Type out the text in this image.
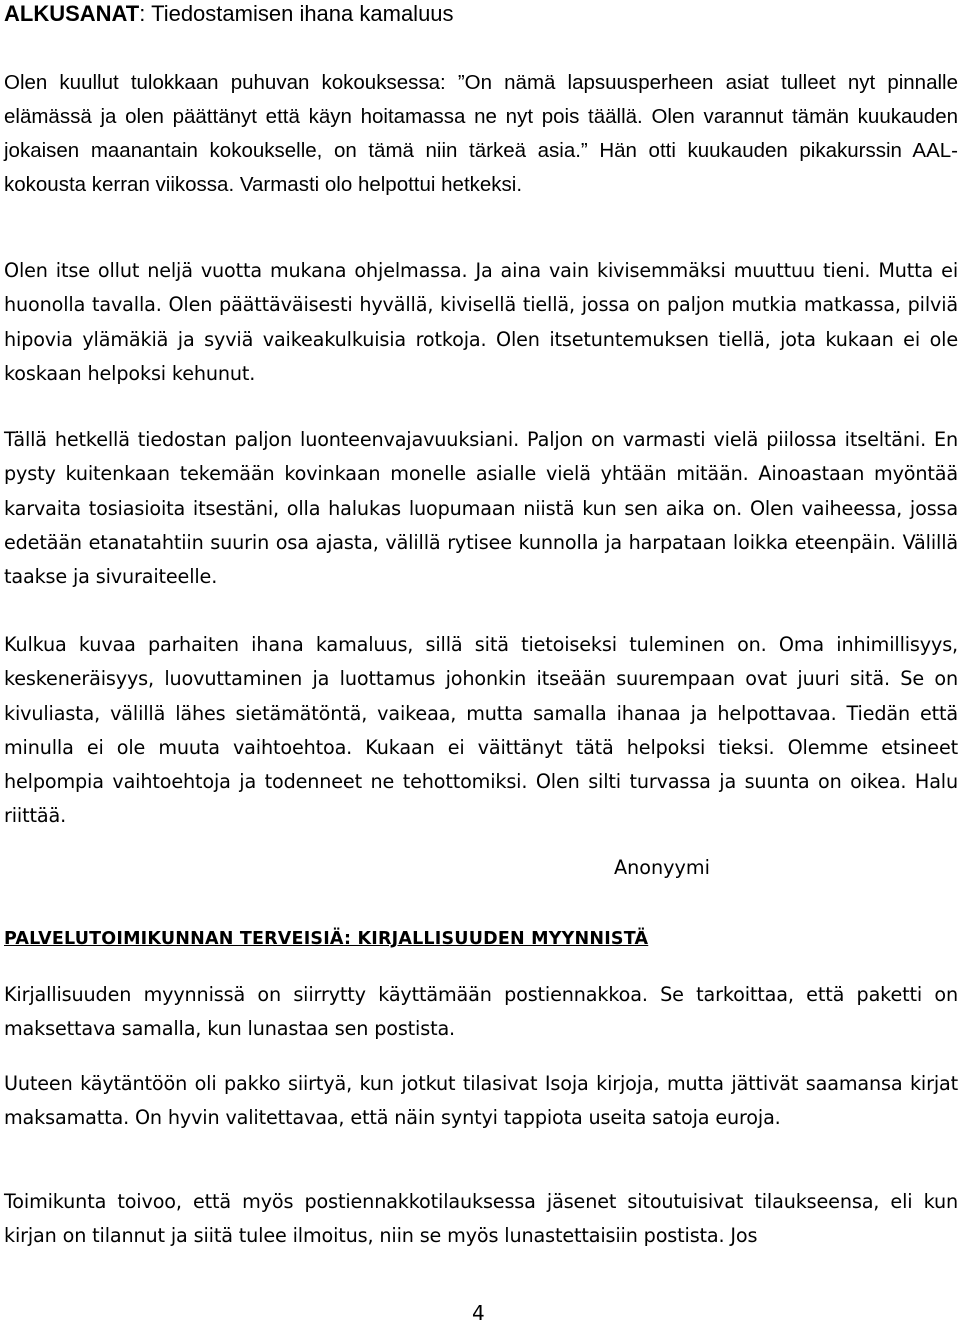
ALKUSANAT: Tiedostamisen ihana kamaluus

Olen kuullut tulokkaan puhuvan kokouksessa: ”On nämä lapsuusperheen asiat tulleet nyt pinnalle elämässä ja olen päättänyt että käyn hoitamassa ne nyt pois täällä. Olen varannut tämän kuukauden jokaisen maanantain kokoukselle, on tämä niin tärkeä asia.” Hän otti kuukauden pikakurssin AAL-kokousta kerran viikossa. Varmasti olo helpottui hetkeksi.

Olen itse ollut neljä vuotta mukana ohjelmassa. Ja aina vain kivisemmäksi muuttuu tieni. Mutta ei huonolla tavalla. Olen päättäväisesti hyvällä, kivisellä tiellä, jossa on paljon mutkia matkassa, pilviä hipovia ylämäkiä ja syviä vaikeakulkuisia rotkoja. Olen itsetuntemuksen tiellä, jota kukaan ei ole koskaan helpoksi kehunut.

Tällä hetkellä tiedostan paljon luonteenvajavuuksiani. Paljon on varmasti vielä piilossa itseltäni. En pysty kuitenkaan tekemään kovinkaan monelle asialle vielä yhtään mitään. Ainoastaan myöntää karvaita tosiasioita itsestäni, olla halukas luopumaan niistä kun sen aika on. Olen vaiheessa, jossa edetään etanatahtiin suurin osa ajasta, välillä rytisee kunnolla ja harpataan loikka eteenpäin. Välillä taakse ja sivuraiteelle.

Kulkua kuvaa parhaiten ihana kamaluus, sillä sitä tietoiseksi tuleminen on. Oma inhimillisyys, keskeneräisyys, luovuttaminen ja luottamus johonkin itseään suurempaan ovat juuri sitä. Se on kivuliasta, välillä lähes sietämätöntä, vaikeaa, mutta samalla ihanaa ja helpottavaa. Tiedän että minulla ei ole muuta vaihtoehtoa. Kukaan ei väittänyt tätä helpoksi tieksi. Olemme etsineet helpompia vaihtoehtoja ja todenneet ne tehottomiksi. Olen silti turvassa ja suunta on oikea. Halu riittää.

Anonyymi
PALVELUTOIMIKUNNAN TERVEISIÄ: KIRJALLISUUDEN MYYNNISTÄ

Kirjallisuuden myynnissä on siirrytty käyttämään postiennakkoa. Se tarkoittaa, että paketti on maksettava samalla, kun lunastaa sen postista.

Uuteen käytäntöön oli pakko siirtyä, kun jotkut tilasivat Isoja kirjoja, mutta jättivät saamansa kirjat maksamatta. On hyvin valitettavaa, että näin syntyi tappiota useita satoja euroja.

Toimikunta toivoo, että myös postiennakkotilauksessa jäsenet sitoutuisivat tilaukseensa, eli kun kirjan on tilannut ja siitä tulee ilmoitus, niin se myös lunastettaisiin postista. Jos

4
